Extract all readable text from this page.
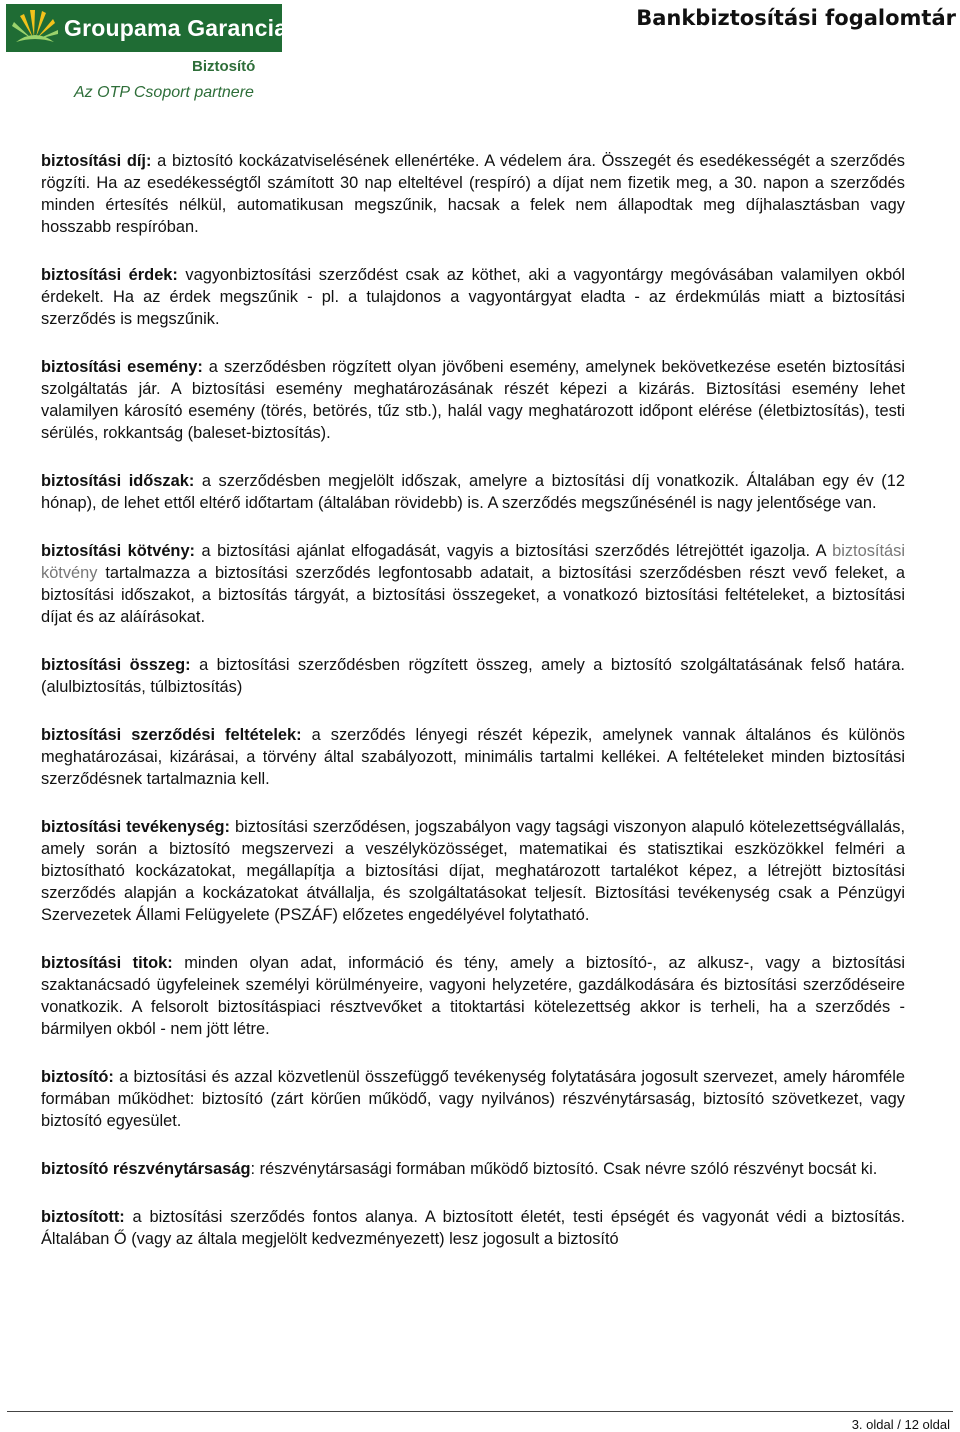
Groupama Garancia
Biztosító
Az OTP Csoport partnere
Bankbiztosítási fogalomtár

biztosítási díj: a biztosító kockázatviselésének ellenértéke. A védelem ára. Összegét és esedékességét a szerződés rögzíti. Ha az esedékességtől számított 30 nap elteltével (respíró) a díjat nem fizetik meg, a 30. napon a szerződés minden értesítés nélkül, automatikusan megszűnik, hacsak a felek nem állapodtak meg díjhalasztásban vagy hosszabb respíróban.

biztosítási érdek: vagyonbiztosítási szerződést csak az köthet, aki a vagyontárgy megóvásában valamilyen okból érdekelt. Ha az érdek megszűnik - pl. a tulajdonos a vagyontárgyat eladta - az érdekmúlás miatt a biztosítási szerződés is megszűnik.

biztosítási esemény: a szerződésben rögzített olyan jövőbeni esemény, amelynek bekövetkezése esetén biztosítási szolgáltatás jár. A biztosítási esemény meghatározásának részét képezi a kizárás. Biztosítási esemény lehet valamilyen károsító esemény (törés, betörés, tűz stb.), halál vagy meghatározott időpont elérése (életbiztosítás), testi sérülés, rokkantság (baleset-biztosítás).

biztosítási időszak: a szerződésben megjelölt időszak, amelyre a biztosítási díj vonatkozik. Általában egy év (12 hónap), de lehet ettől eltérő időtartam (általában rövidebb) is. A szerződés megszűnésénél is nagy jelentősége van.

biztosítási kötvény: a biztosítási ajánlat elfogadását, vagyis a biztosítási szerződés létrejöttét igazolja. A biztosítási kötvény tartalmazza a biztosítási szerződés legfontosabb adatait, a biztosítási szerződésben részt vevő feleket, a biztosítási időszakot, a biztosítás tárgyát, a biztosítási összegeket, a vonatkozó biztosítási feltételeket, a biztosítási díjat és az aláírásokat.

biztosítási összeg: a biztosítási szerződésben rögzített összeg, amely a biztosító szolgáltatásának felső határa. (alulbiztosítás, túlbiztosítás)

biztosítási szerződési feltételek: a szerződés lényegi részét képezik, amelynek vannak általános és különös meghatározásai, kizárásai, a törvény által szabályozott, minimális tartalmi kellékei. A feltételeket minden biztosítási szerződésnek tartalmaznia kell.

biztosítási tevékenység: biztosítási szerződésen, jogszabályon vagy tagsági viszonyon alapuló kötelezettségvállalás, amely során a biztosító megszervezi a veszélyközösséget, matematikai és statisztikai eszközökkel felméri a biztosítható kockázatokat, megállapítja a biztosítási díjat, meghatározott tartalékot képez, a létrejött biztosítási szerződés alapján a kockázatokat átvállalja, és szolgáltatásokat teljesít. Biztosítási tevékenység csak a Pénzügyi Szervezetek Állami Felügyelete (PSZÁF) előzetes engedélyével folytatható.

biztosítási titok: minden olyan adat, információ és tény, amely a biztosító-, az alkusz-, vagy a biztosítási szaktanácsadó ügyfeleinek személyi körülményeire, vagyoni helyzetére, gazdálkodására és biztosítási szerződéseire vonatkozik. A felsorolt biztosításpiaci résztvevőket a titoktartási kötelezettség akkor is terheli, ha a szerződés - bármilyen okból - nem jött létre.

biztosító: a biztosítási és azzal közvetlenül összefüggő tevékenység folytatására jogosult szervezet, amely háromféle formában működhet: biztosító (zárt körűen működő, vagy nyilvános) részvénytársaság, biztosító szövetkezet, vagy biztosító egyesület.

biztosító részvénytársaság: részvénytársasági formában működő biztosító. Csak névre szóló részvényt bocsát ki.

biztosított: a biztosítási szerződés fontos alanya. A biztosított életét, testi épségét és vagyonát védi a biztosítás. Általában Ő (vagy az általa megjelölt kedvezményezett) lesz jogosult a biztosító

3. oldal / 12 oldal
